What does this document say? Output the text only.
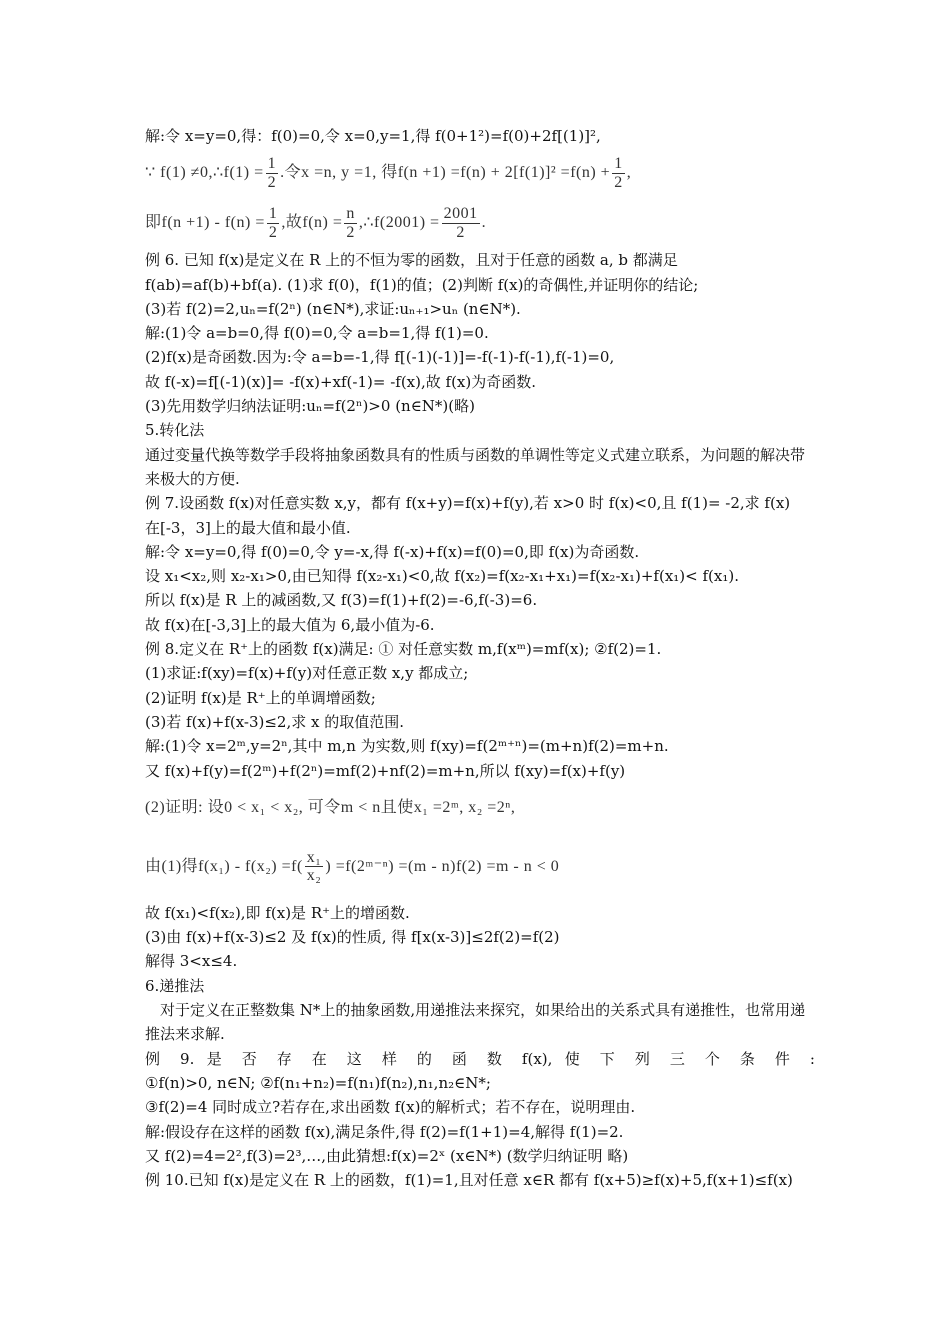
解:令 x=y=0,得：f(0)=0,令 x=0,y=1,得 f(0+1²)=f(0)+2f[(1)]²,
∵ f(1) ≠0,∴f(1) = $\frac{1}{2}$ .令x =n, y =1, 得$f(n +1) =f(n) + 2[f(1)]^2 =f(n) + \frac{1}{2}$ ,
即$f(n +1) - f(n) = \frac{1}{2}$ ,故$f(n) = \frac{n}{2}$ ,∴f(2001) = $\frac{2001}{2}$ .
例 6. 已知 f(x)是定义在 R 上的不恒为零的函数，且对于任意的函数 a, b 都满足
f(ab)=af(b)+bf(a). (1)求 f(0)，f(1)的值；(2)判断 f(x)的奇偶性,并证明你的结论;
(3)若 f(2)=2,uₙ=f(2ⁿ) (n∈N*),求证:uₙ₊₁>uₙ (n∈N*).
解:(1)令 a=b=0,得 f(0)=0,令 a=b=1,得 f(1)=0.
(2)f(x)是奇函数.因为:令 a=b=-1,得 f[(-1)(-1)]=-f(-1)-f(-1),f(-1)=0,
故 f(-x)=f[(-1)(x)]= -f(x)+xf(-1)= -f(x),故 f(x)为奇函数.
(3)先用数学归纳法证明:uₙ=f(2ⁿ)>0 (n∈N*)(略)
5.转化法
通过变量代换等数学手段将抽象函数具有的性质与函数的单调性等定义式建立联系，为问题的解决带来极大的方便.
例 7.设函数 f(x)对任意实数 x,y，都有 f(x+y)=f(x)+f(y),若 x>0 时 f(x)<0,且 f(1)= -2,求 f(x)
在[-3，3]上的最大值和最小值.
解:令 x=y=0,得 f(0)=0,令 y=-x,得 f(-x)+f(x)=f(0)=0,即 f(x)为奇函数.
设 x₁<x₂,则 x₂-x₁>0,由已知得 f(x₂-x₁)<0,故 f(x₂)=f(x₂-x₁+x₁)=f(x₂-x₁)+f(x₁)< f(x₁).
所以 f(x)是 R 上的减函数,又 f(3)=f(1)+f(2)=-6,f(-3)=6.
故 f(x)在[-3,3]上的最大值为 6,最小值为-6.
例 8.定义在 R⁺上的函数 f(x)满足: ① 对任意实数 m,f(xᵐ)=mf(x); ②f(2)=1.
(1)求证:f(xy)=f(x)+f(y)对任意正数 x,y 都成立;
(2)证明 f(x)是 R⁺上的单调增函数;
(3)若 f(x)+f(x-3)≤2,求 x 的取值范围.
解:(1)令 x=2ᵐ,y=2ⁿ,其中 m,n 为实数,则 f(xy)=f(2ᵐ⁺ⁿ)=(m+n)f(2)=m+n.
又 f(x)+f(y)=f(2ᵐ)+f(2ⁿ)=mf(2)+nf(2)=m+n,所以 f(xy)=f(x)+f(y)
(2)证明: 设0 < x₁ < x₂, 可令m < n且使x₁ =2ᵐ, x₂ =2ⁿ,
由(1)得$f(x_1) - f(x_2) =f( \frac{\text{x₁}}{\text{x₂}}$ ) =f(2ᵐ⁻ⁿ) =(m - n)f(2) =m - n < 0
故 f(x₁)<f(x₂),即 f(x)是 R⁺上的增函数.
(3)由 f(x)+f(x-3)≤2 及 f(x)的性质, 得 f[x(x-3)]≤2f(2)=f(2)
解得 3<x≤4.
6.递推法
对于定义在正整数集 N*上的抽象函数,用递推法来探究，如果给出的关系式具有递推性，也常用递推法来求解.
例 9. 是 否 存 在 这 样 的 函 数 f(x), 使 下 列 三 个 条 件 :
①f(n)>0, n∈N; ②f(n₁+n₂)=f(n₁)f(n₂),n₁,n₂∈N*;
③f(2)=4 同时成立?若存在,求出函数 f(x)的解析式；若不存在，说明理由.
解:假设存在这样的函数 f(x),满足条件,得 f(2)=f(1+1)=4,解得 f(1)=2.
又 f(2)=4=2²,f(3)=2³,…,由此猜想:f(x)=2ˣ (x∈N*) (数学归纳证明 略)
例 10.已知 f(x)是定义在 R 上的函数，f(1)=1,且对任意 x∈R 都有 f(x+5)≥f(x)+5,f(x+1)≤f(x)
